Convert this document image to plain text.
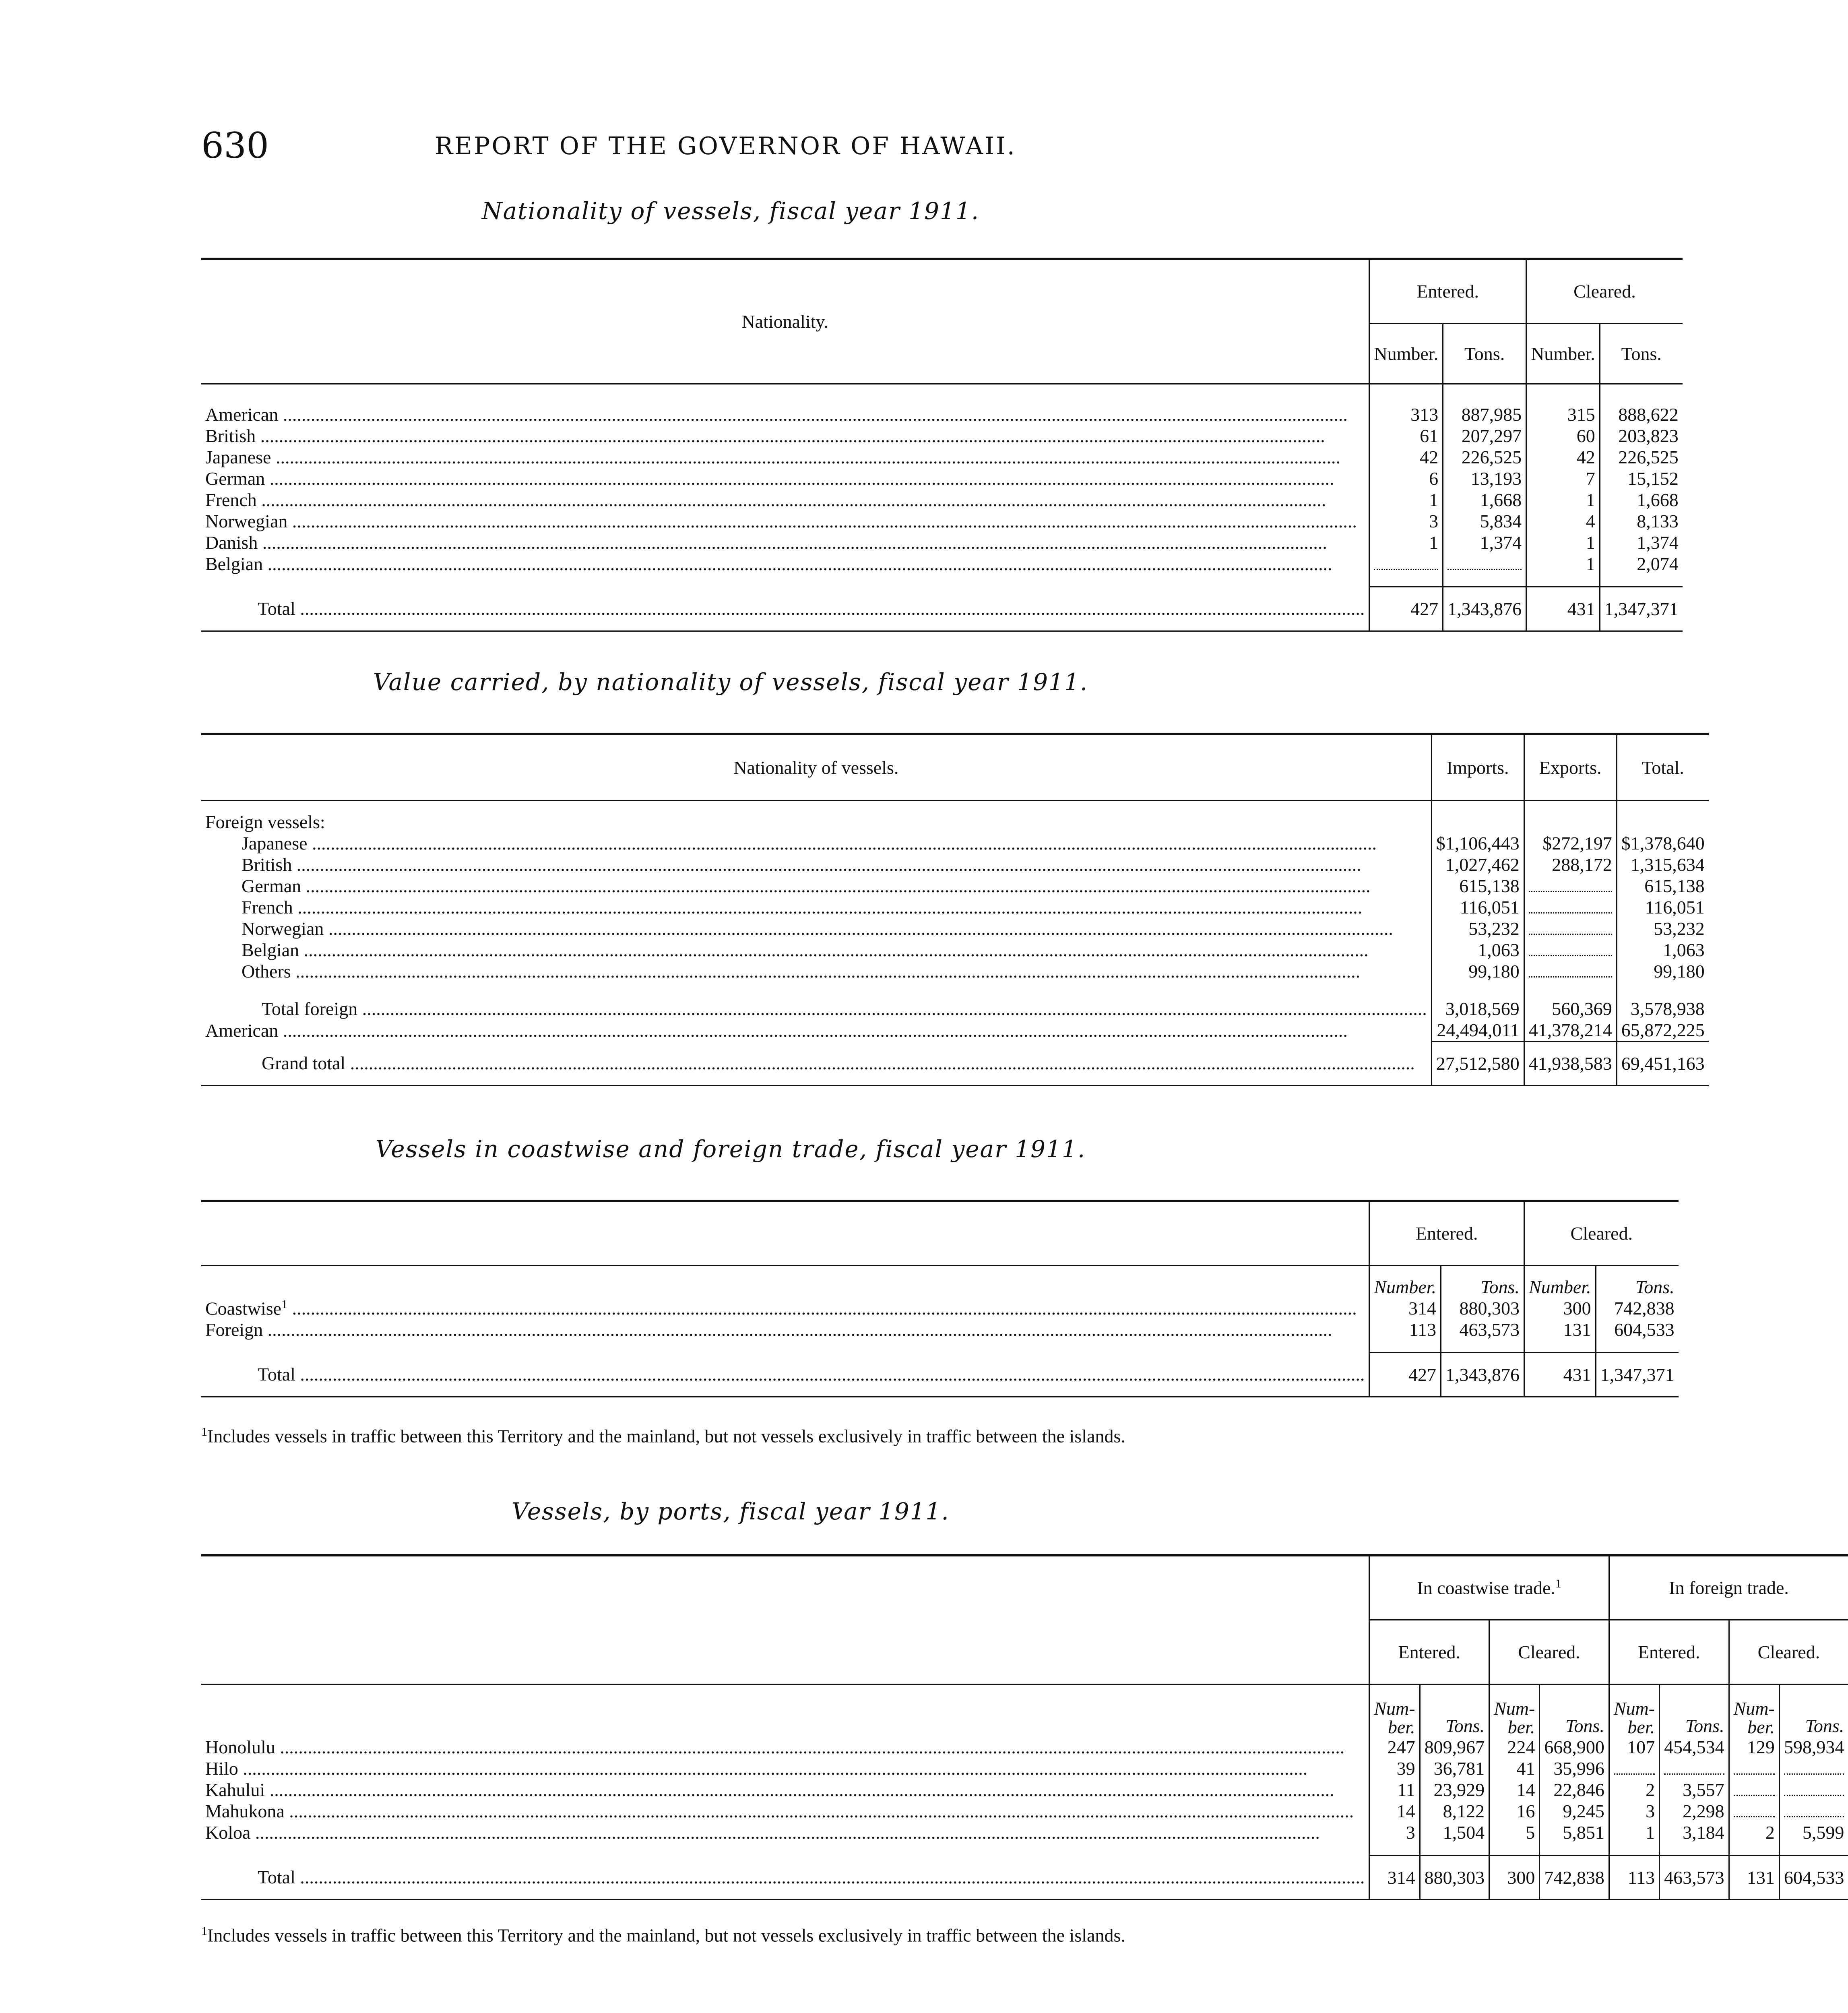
630	REPORT OF THE GOVERNOR OF HAWAII.
Nationality of vessels, fiscal year 1911.
Nationality.	Entered.		Cleared.	
	Number.	Tons.	Number.	Tons.

American .....	313	887,985	315	888,622

British .....	61	207,297	60	203,823

Japanese .....	42	226,525	42	226,525

German .....	6	13,193	7	15,152

French .....	1	1,668	1	1,668

Norwegian .....	3	5,834	4	8,133

Danish .....	1	1,374	1	1,374

Belgian .....			1	2,074

Total .....	427	1,343,876	431	1,347,371
Value carried, by nationality of vessels, fiscal year 1911.
Nationality of vessels.	Imports.	Exports.	Total.
Foreign vessels:			

Japanese .....	$1,106,443	$272,197	$1,378,640

British .....	1,027,462	288,172	1,315,634

German .....	615,138		615,138

French .....	116,051		116,051

Norwegian .....	53,232		53,232

Belgian .....	1,063		1,063

Others .....	99,180		99,180

Total foreign .....	3,018,569	560,369	3,578,938

American .....	24,494,011	41,378,214	65,872,225

Grand total .....	27,512,580	41,938,583	69,451,163
Vessels in coastwise and foreign trade, fiscal year 1911.
	Entered.		Cleared.	
	Number.	Tons.	Number.	Tons.

Coastwise$^1$ .....	314	880,303	300	742,838

Foreign .....	113	463,573	131	604,533

Total .....	427	1,343,876	431	1,347,371
$^1$Includes vessels in traffic between this Territory and the mainland, but not vessels exclusively in traffic between the islands.
Vessels, by ports, fiscal year 1911.
	In coastwise trade.$^1$				In foreign trade.			
	Entered.		Cleared.		Entered.		Cleared.	
	Num- ber.	Tons.	Num- ber.	Tons.	Num- ber.	Tons.	Num- ber.	Tons.

Honolulu .....	247	809,967	224	668,900	107	454,534	129	598,934

Hilo .....	39	36,781	41	35,996				

Kahului .....	11	23,929	14	22,846	2	3,557		

Mahukona .....	14	8,122	16	9,245	3	2,298		

Koloa .....	3	1,504	5	5,851	1	3,184	2	5,599

Total .....	314	880,303	300	742,838	113	463,573	131	604,533
$^1$Includes vessels in traffic between this Territory and the mainland, but not vessels exclusively in traffic between the islands.
